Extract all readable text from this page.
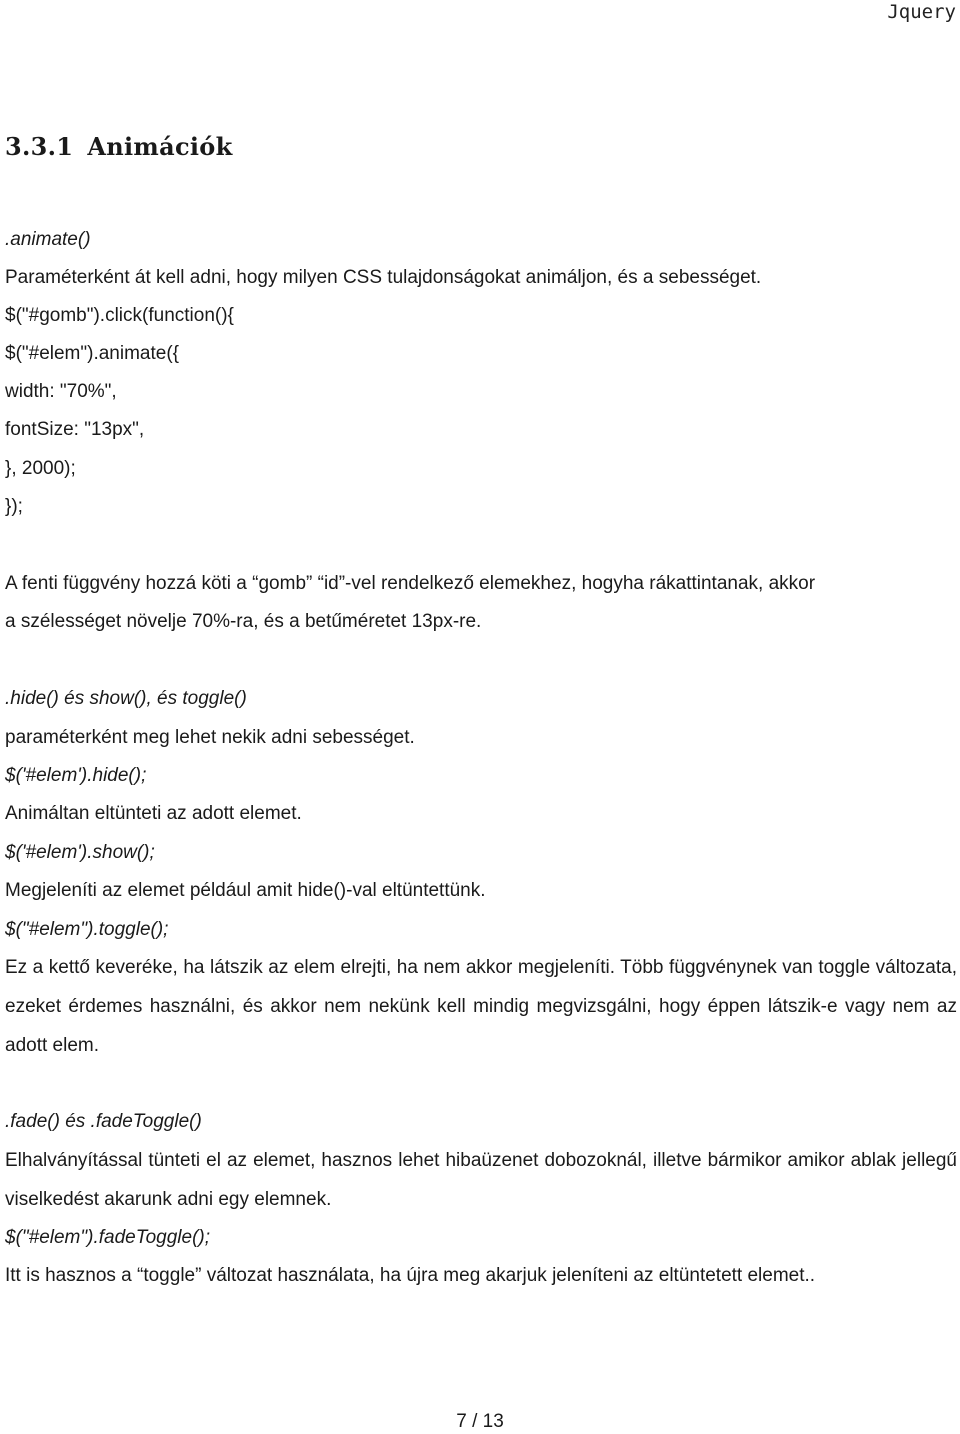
Jquery
3.3.1 Animációk
.animate()
Paraméterként át kell adni, hogy milyen CSS tulajdonságokat animáljon, és a sebességet.
$("#gomb").click(function(){
$("#elem").animate({
width: "70%",
fontSize: "13px",
}, 2000);
});
A fenti függvény hozzá köti a “gomb” “id”-vel rendelkező elemekhez, hogyha rákattintanak, akkor
a szélességet növelje 70%-ra, és a betűméretet 13px-re.
.hide() és show(), és toggle()
paraméterként meg lehet nekik adni sebességet.
$('#elem').hide();
Animáltan eltünteti az adott elemet.
$('#elem').show();
Megjeleníti az elemet például amit hide()-val eltüntettünk.
$("#elem").toggle();
Ez a kettő keveréke, ha látszik az elem elrejti, ha nem akkor megjeleníti. Több függvénynek van toggle változata, ezeket érdemes használni, és akkor nem nekünk kell mindig megvizsgálni, hogy éppen látszik-e vagy nem az adott elem.
.fade() és .fadeToggle()
Elhalványítással tünteti el az elemet, hasznos lehet hibaüzenet dobozoknál, illetve bármikor amikor ablak jellegű viselkedést akarunk adni egy elemnek.
$("#elem").fadeToggle();
Itt is hasznos a “toggle” változat használata, ha újra meg akarjuk jeleníteni az eltüntetett elemet..
7 / 13
